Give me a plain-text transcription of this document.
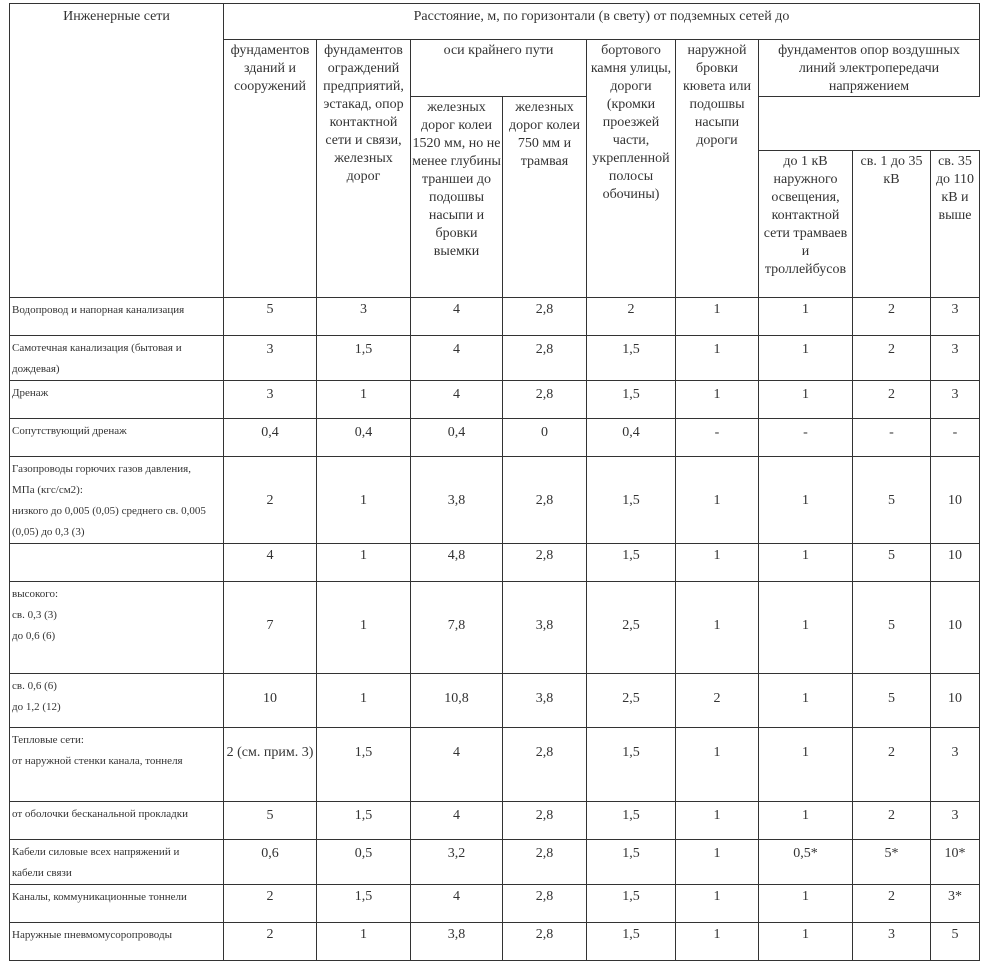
Инженерные сети	Расстояние, м, по горизонтали (в свету) от подземных сетей до								
	фундаментов зданий и сооружений	фундаментов ограждений предприятий, эстакад, опор контактной сети и связи, железных дорог	оси крайнего пути		бортового камня улицы, дороги (кромки проезжей части, укрепленной полосы обочины)	наружной бровки кювета или подошвы насыпи дороги	фундаментов опор воздушных линий электропередачи напряжением		
			железных дорог колеи 1520 мм, но не менее глубины траншеи до подошвы насыпи и бровки выемки	железных дорог колеи 750 мм и трамвая					
							до 1 кВ наружного освещения, контактной сети трамваев и троллейбусов	св. 1 до 35 кВ	св. 35 до 110 кВ и выше

Водопровод и напорная канализация	5	3	4	2,8	2	1	1	2	3

Самотечная канализация (бытовая и
дождевая)	3	1,5	4	2,8	1,5	1	1	2	3

Дренаж	3	1	4	2,8	1,5	1	1	2	3

Сопутствующий дренаж	0,4	0,4	0,4	0	0,4	-	-	-	-

Газопроводы горючих газов давления,
МПа (кгс/см2):
низкого до 0,005 (0,05) среднего св. 0,005
(0,05) до 0,3 (3)	2	1	3,8	2,8	1,5	1	1	5	10
	4	1	4,8	2,8	1,5	1	1	5	10

высокого:
св. 0,3 (3)
до 0,6 (6)	7	1	7,8	3,8	2,5	1	1	5	10

св. 0,6 (6)
до 1,2 (12)	10	1	10,8	3,8	2,5	2	1	5	10

Тепловые сети:
от наружной стенки канала, тоннеля	2 (см. прим. 3)	1,5	4	2,8	1,5	1	1	2	3

от оболочки бесканальной прокладки	5	1,5	4	2,8	1,5	1	1	2	3

Кабели силовые всех напряжений и
кабели связи	0,6	0,5	3,2	2,8	1,5	1	0,5*	5*	10*

Каналы, коммуникационные тоннели	2	1,5	4	2,8	1,5	1	1	2	3*

Наружные пневмомусоропроводы	2	1	3,8	2,8	1,5	1	1	3	5
